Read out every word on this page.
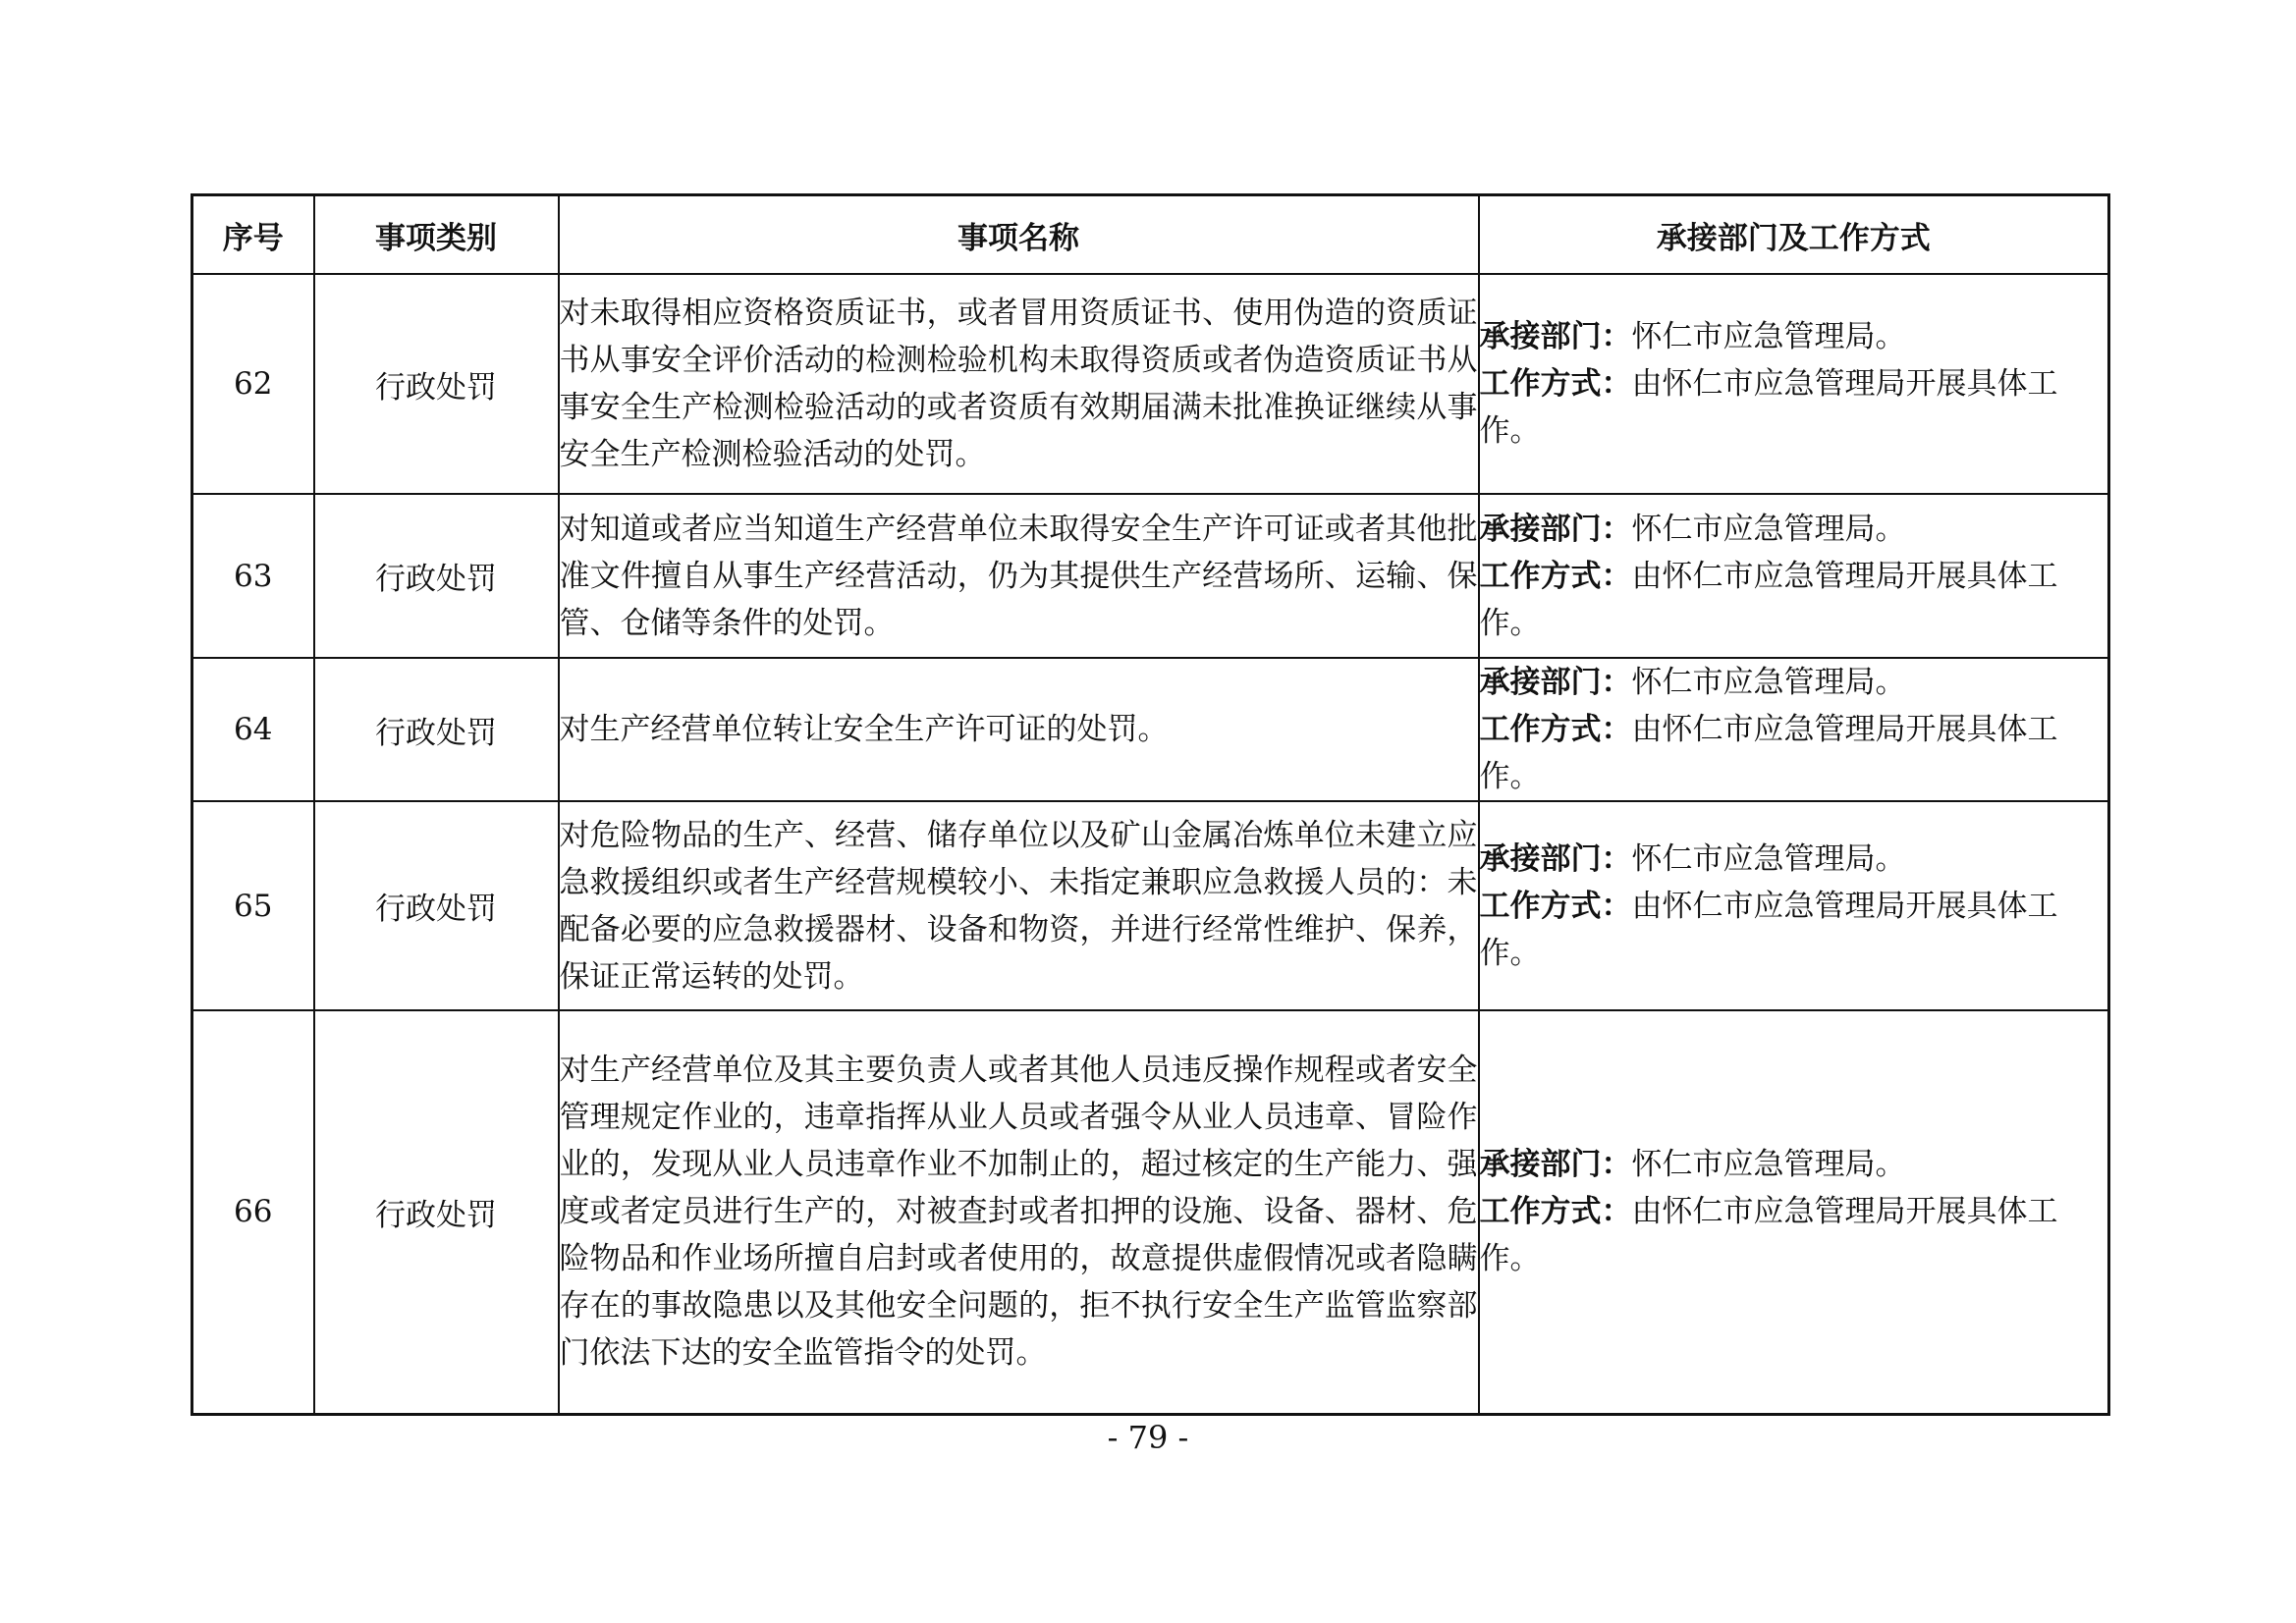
序号	事项类别	事项名称	承接部门及工作方式
62	行政处罚	对未取得相应资格资质证书，或者冒用资质证书、使用伪造的资质证书从事安全评价活动的检测检验机构未取得资质或者伪造资质证书从事安全生产检测检验活动的或者资质有效期届满未批准换证继续从事安全生产检测检验活动的处罚。	承接部门：怀仁市应急管理局。
工作方式：由怀仁市应急管理局开展具体工作。
63	行政处罚	对知道或者应当知道生产经营单位未取得安全生产许可证或者其他批准文件擅自从事生产经营活动，仍为其提供生产经营场所、运输、保管、仓储等条件的处罚。	承接部门：怀仁市应急管理局。
工作方式：由怀仁市应急管理局开展具体工作。
64	行政处罚	对生产经营单位转让安全生产许可证的处罚。	承接部门：怀仁市应急管理局。
工作方式：由怀仁市应急管理局开展具体工作。
65	行政处罚	对危险物品的生产、经营、储存单位以及矿山金属冶炼单位未建立应急救援组织或者生产经营规模较小、未指定兼职应急救援人员的：未配备必要的应急救援器材、设备和物资，并进行经常性维护、保养，保证正常运转的处罚。	承接部门：怀仁市应急管理局。
工作方式：由怀仁市应急管理局开展具体工作。
66	行政处罚	对生产经营单位及其主要负责人或者其他人员违反操作规程或者安全管理规定作业的，违章指挥从业人员或者强令从业人员违章、冒险作业的，发现从业人员违章作业不加制止的，超过核定的生产能力、强度或者定员进行生产的，对被查封或者扣押的设施、设备、器材、危险物品和作业场所擅自启封或者使用的，故意提供虚假情况或者隐瞒存在的事故隐患以及其他安全问题的，拒不执行安全生产监管监察部门依法下达的安全监管指令的处罚。	承接部门：怀仁市应急管理局。
工作方式：由怀仁市应急管理局开展具体工作。
- 79 -
